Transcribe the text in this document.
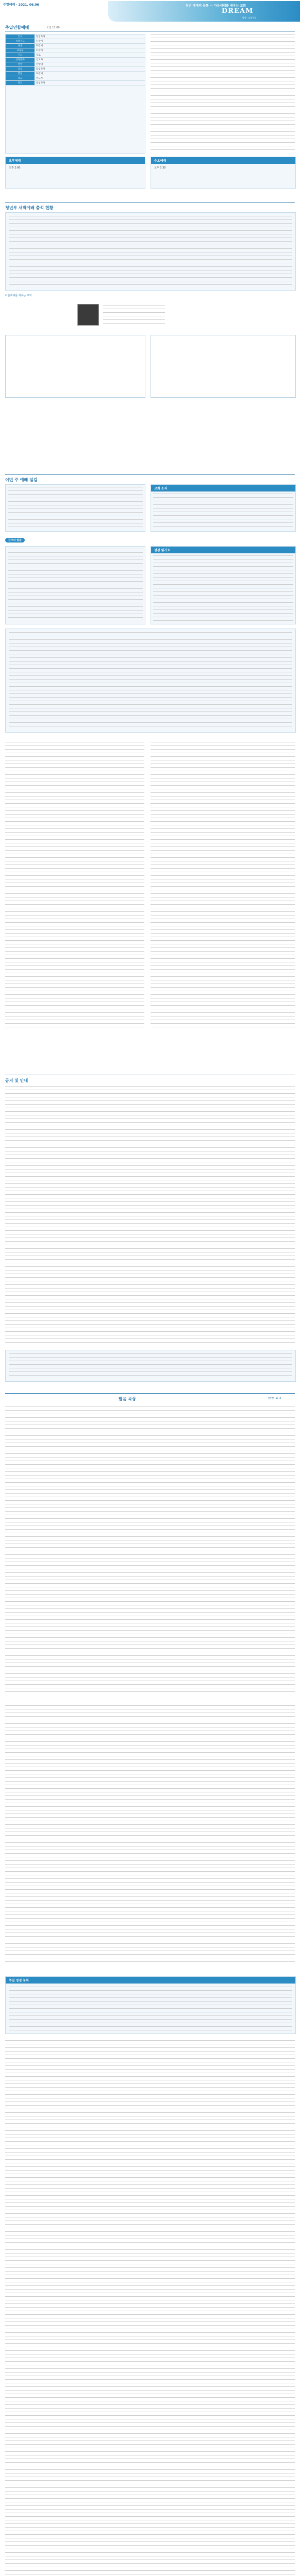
주일예배 · 2021. 06.06	청년 예배의 공통 — 다음세대를 세우는 교회
DREAM
발행 · 교회주보
주일연합예배	오전 11:00
인도	담임목사
묵상기도	다같이
찬송	다같이
교독문	다같이
기도	장로
성경봉독	인도자
찬양	찬양대
설교	담임목사
봉헌	다같이
광고	인도자
축도	담임목사
오후예배
오후 2:00
수요예배
오후 7:30
청년부 새벽예배 출석 현황
다음세대를 세우는 교회
이번 주 예배 섬김
교회 소식
금주의 말씀
성경 읽기표
공지 및 안내
말씀 묵상	2021. 6. 6
주일 성경 봉독
